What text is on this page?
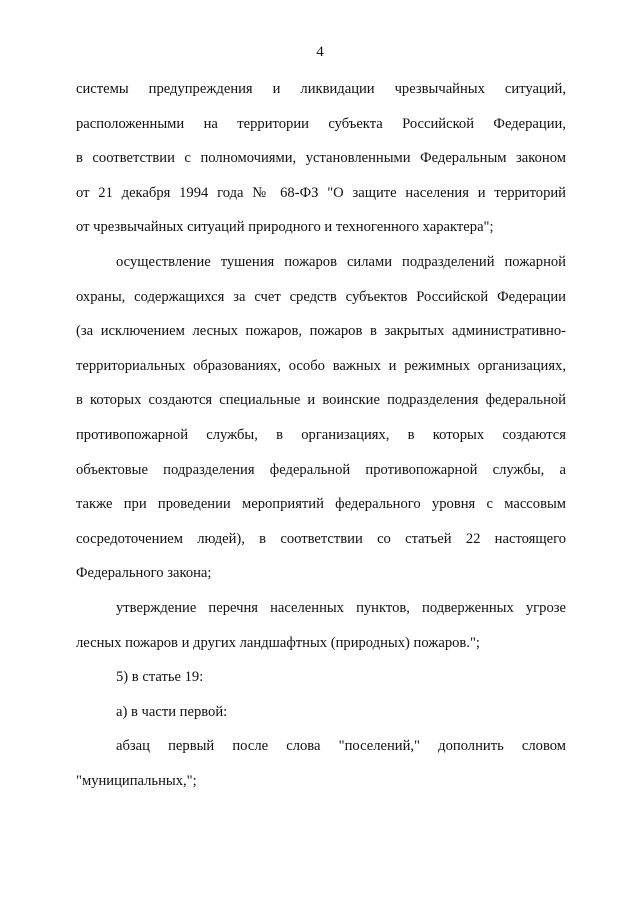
4
системы предупреждения и ликвидации чрезвычайных ситуаций,
расположенными на территории субъекта Российской Федерации,
в соответствии с полномочиями, установленными Федеральным законом
от 21 декабря 1994 года № 68-ФЗ "О защите населения и территорий
от чрезвычайных ситуаций природного и техногенного характера";
осуществление тушения пожаров силами подразделений пожарной
охраны, содержащихся за счет средств субъектов Российской Федерации
(за исключением лесных пожаров, пожаров в закрытых административно-
территориальных образованиях, особо важных и режимных организациях,
в которых создаются специальные и воинские подразделения федеральной
противопожарной службы, в организациях, в которых создаются
объектовые подразделения федеральной противопожарной службы, а
также при проведении мероприятий федерального уровня с массовым
сосредоточением людей), в соответствии со статьей 22 настоящего
Федерального закона;
утверждение перечня населенных пунктов, подверженных угрозе
лесных пожаров и других ландшафтных (природных) пожаров.";
5) в статье 19:
а) в части первой:
абзац первый после слова "поселений," дополнить словом
"муниципальных,";
